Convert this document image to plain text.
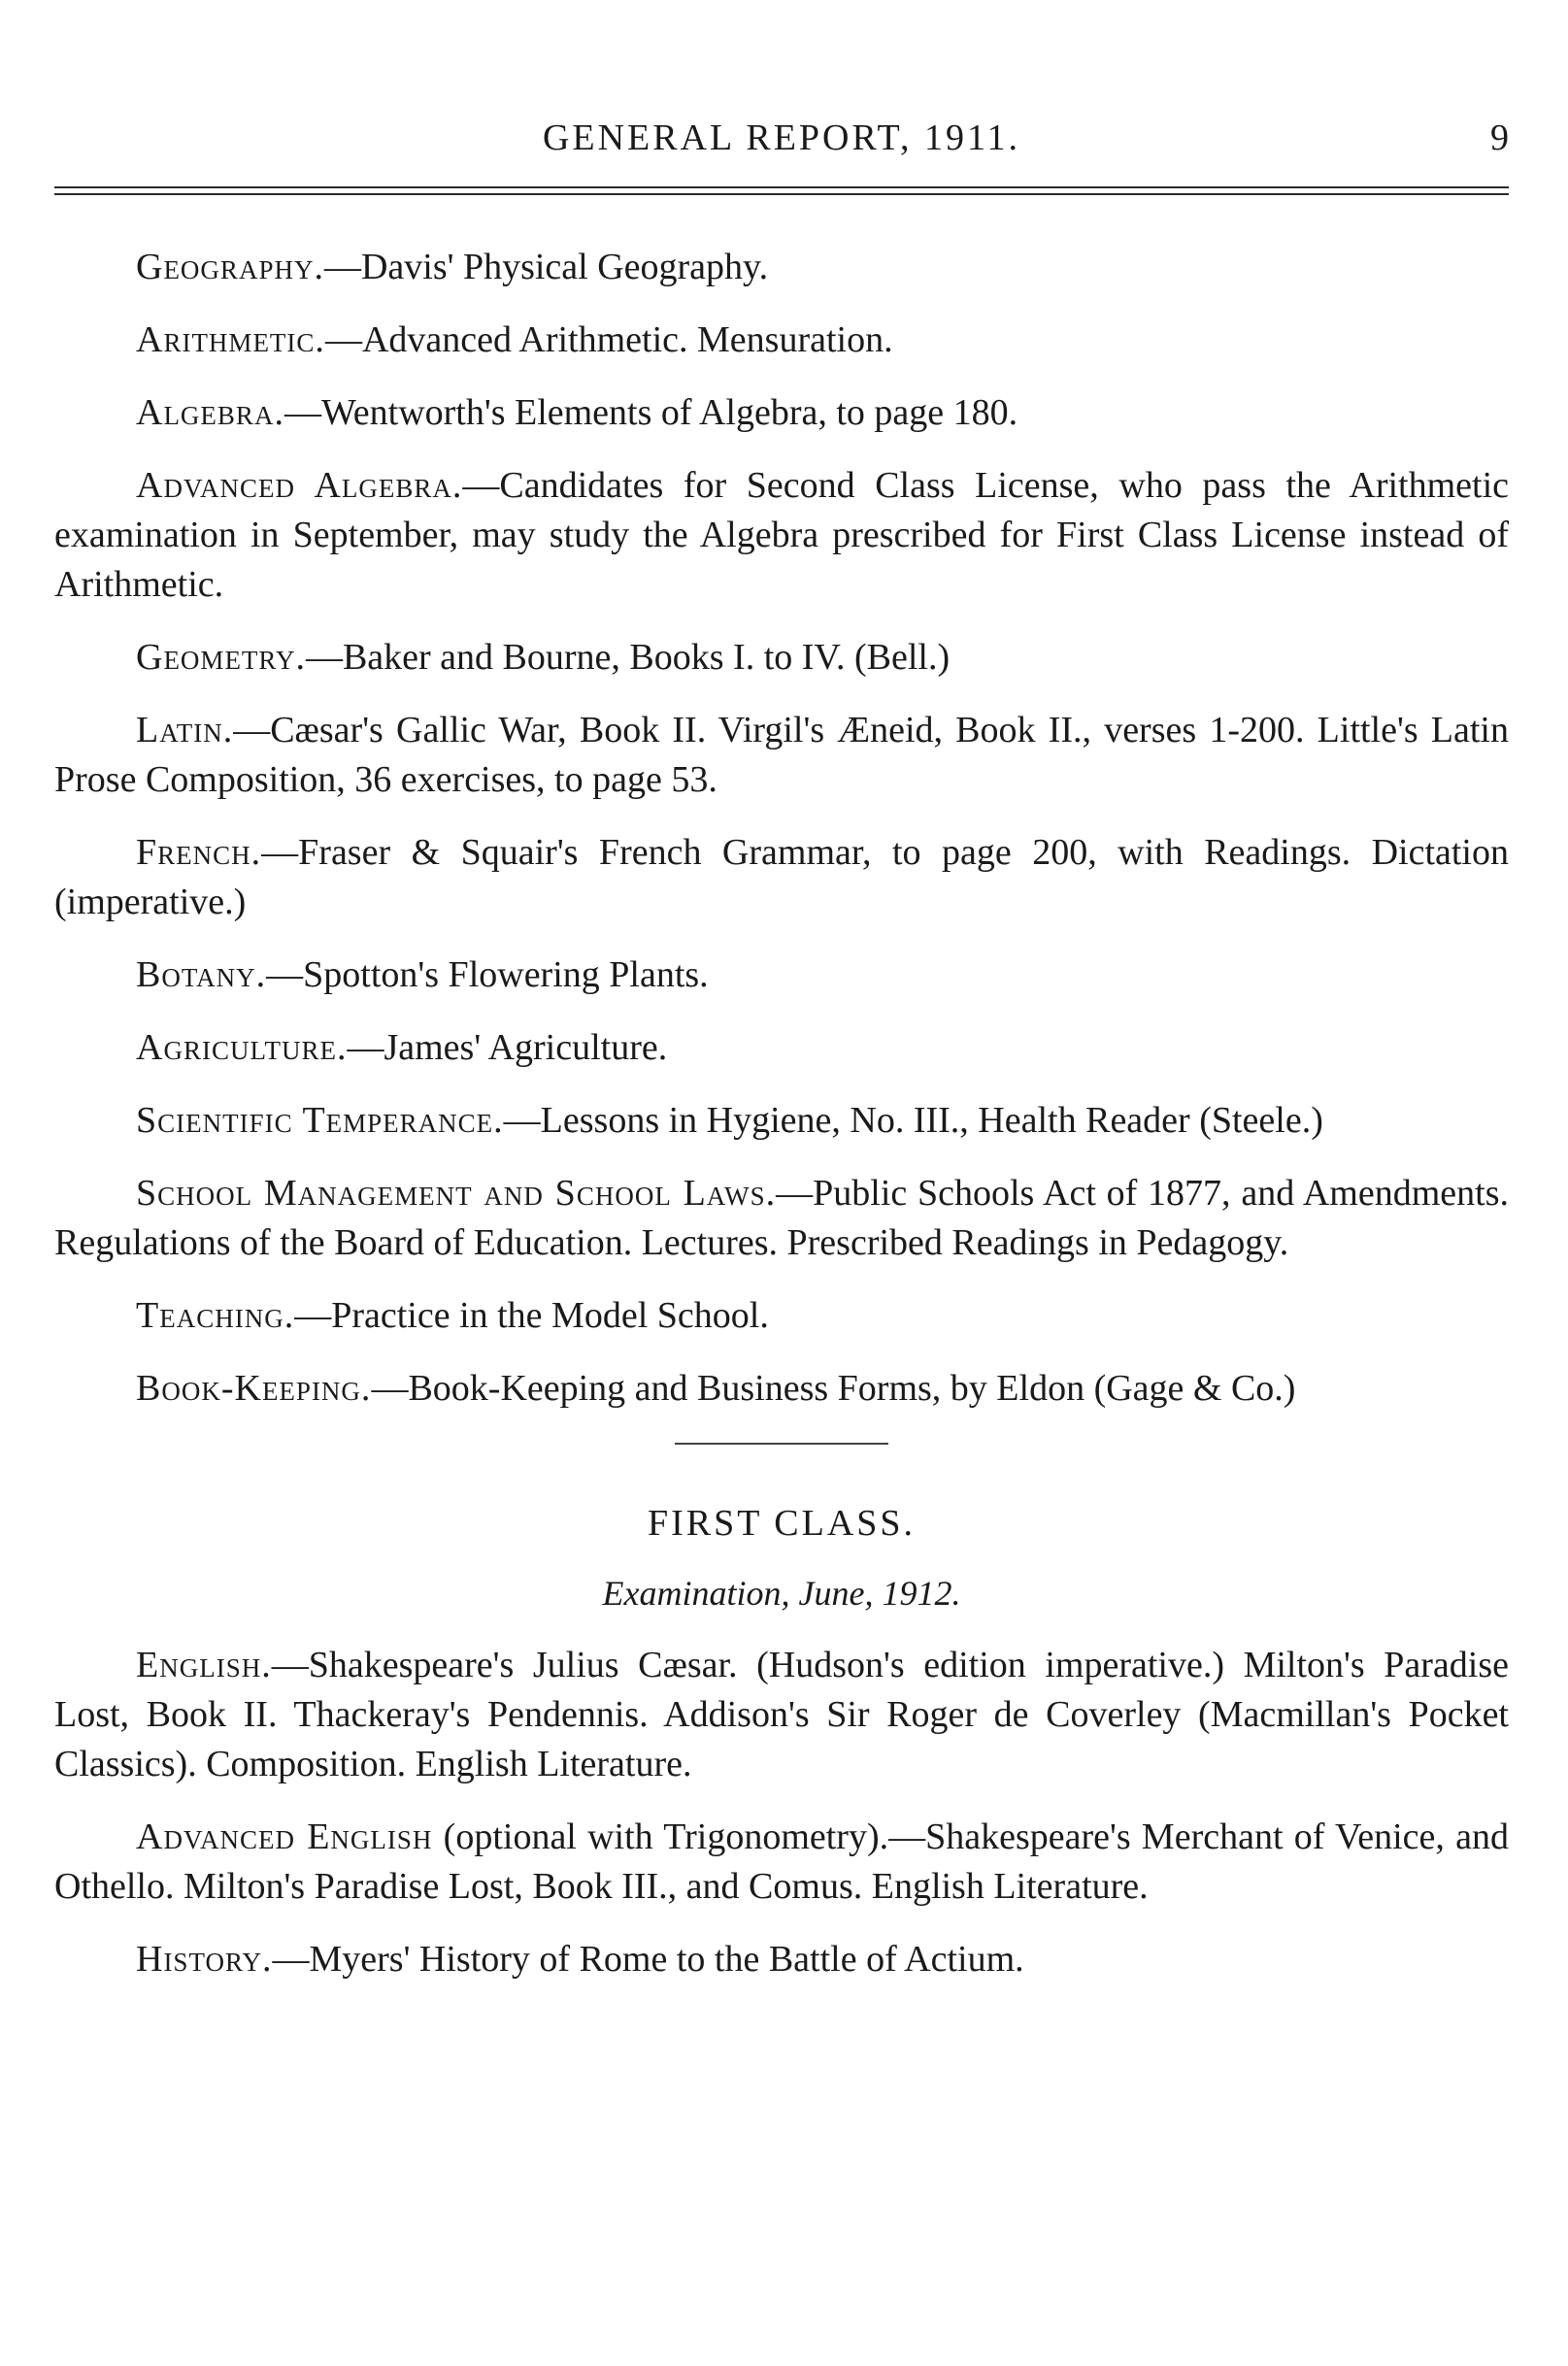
GENERAL REPORT, 1911.	9

Geography.—Davis' Physical Geography.

Arithmetic.—Advanced Arithmetic. Mensuration.

Algebra.—Wentworth's Elements of Algebra, to page 180.

Advanced Algebra.—Candidates for Second Class License, who pass the Arithmetic examination in September, may study the Algebra prescribed for First Class License instead of Arithmetic.

Geometry.—Baker and Bourne, Books I. to IV. (Bell.)

Latin.—Cæsar's Gallic War, Book II. Virgil's Æneid, Book II., verses 1-200. Little's Latin Prose Composition, 36 exercises, to page 53.

French.—Fraser & Squair's French Grammar, to page 200, with Readings. Dictation (imperative.)

Botany.—Spotton's Flowering Plants.

Agriculture.—James' Agriculture.

Scientific Temperance.—Lessons in Hygiene, No. III., Health Reader (Steele.)

School Management and School Laws.—Public Schools Act of 1877, and Amendments. Regulations of the Board of Education. Lectures. Prescribed Readings in Pedagogy.

Teaching.—Practice in the Model School.

Book-Keeping.—Book-Keeping and Business Forms, by Eldon (Gage & Co.)

FIRST CLASS.
Examination, June, 1912.

English.—Shakespeare's Julius Cæsar. (Hudson's edition imperative.) Milton's Paradise Lost, Book II. Thackeray's Pendennis. Addison's Sir Roger de Coverley (Macmillan's Pocket Classics). Composition. English Literature.

Advanced English (optional with Trigonometry).—Shakespeare's Merchant of Venice, and Othello. Milton's Paradise Lost, Book III., and Comus. English Literature.

History.—Myers' History of Rome to the Battle of Actium.
